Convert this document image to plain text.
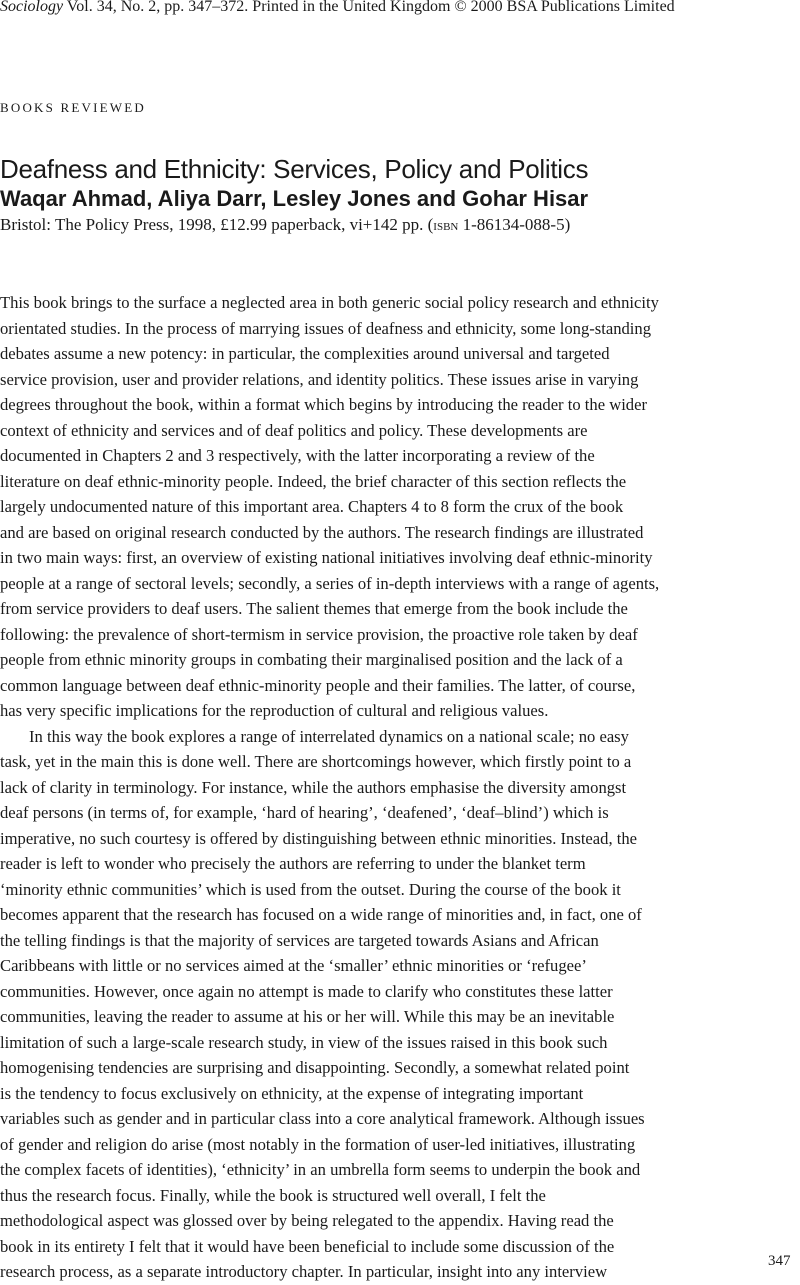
Sociology Vol. 34, No. 2, pp. 347–372. Printed in the United Kingdom © 2000 BSA Publications Limited
BOOKS REVIEWED
Deafness and Ethnicity: Services, Policy and Politics
Waqar Ahmad, Aliya Darr, Lesley Jones and Gohar Hisar
Bristol: The Policy Press, 1998, £12.99 paperback, vi+142 pp. (isbn 1-86134-088-5)
This book brings to the surface a neglected area in both generic social policy research and ethnicity
orientated studies. In the process of marrying issues of deafness and ethnicity, some long-standing
debates assume a new potency: in particular, the complexities around universal and targeted
service provision, user and provider relations, and identity politics. These issues arise in varying
degrees throughout the book, within a format which begins by introducing the reader to the wider
context of ethnicity and services and of deaf politics and policy. These developments are
documented in Chapters 2 and 3 respectively, with the latter incorporating a review of the
literature on deaf ethnic-minority people. Indeed, the brief character of this section reflects the
largely undocumented nature of this important area. Chapters 4 to 8 form the crux of the book
and are based on original research conducted by the authors. The research findings are illustrated
in two main ways: first, an overview of existing national initiatives involving deaf ethnic-minority
people at a range of sectoral levels; secondly, a series of in-depth interviews with a range of agents,
from service providers to deaf users. The salient themes that emerge from the book include the
following: the prevalence of short-termism in service provision, the proactive role taken by deaf
people from ethnic minority groups in combating their marginalised position and the lack of a
common language between deaf ethnic-minority people and their families. The latter, of course,
has very specific implications for the reproduction of cultural and religious values.
In this way the book explores a range of interrelated dynamics on a national scale; no easy
task, yet in the main this is done well. There are shortcomings however, which firstly point to a
lack of clarity in terminology. For instance, while the authors emphasise the diversity amongst
deaf persons (in terms of, for example, ‘hard of hearing’, ‘deafened’, ‘deaf–blind’) which is
imperative, no such courtesy is offered by distinguishing between ethnic minorities. Instead, the
reader is left to wonder who precisely the authors are referring to under the blanket term
‘minority ethnic communities’ which is used from the outset. During the course of the book it
becomes apparent that the research has focused on a wide range of minorities and, in fact, one of
the telling findings is that the majority of services are targeted towards Asians and African
Caribbeans with little or no services aimed at the ‘smaller’ ethnic minorities or ‘refugee’
communities. However, once again no attempt is made to clarify who constitutes these latter
communities, leaving the reader to assume at his or her will. While this may be an inevitable
limitation of such a large-scale research study, in view of the issues raised in this book such
homogenising tendencies are surprising and disappointing. Secondly, a somewhat related point
is the tendency to focus exclusively on ethnicity, at the expense of integrating important
variables such as gender and in particular class into a core analytical framework. Although issues
of gender and religion do arise (most notably in the formation of user-led initiatives, illustrating
the complex facets of identities), ‘ethnicity’ in an umbrella form seems to underpin the book and
thus the research focus. Finally, while the book is structured well overall, I felt the
methodological aspect was glossed over by being relegated to the appendix. Having read the
book in its entirety I felt that it would have been beneficial to include some discussion of the
research process, as a separate introductory chapter. In particular, insight into any interview
347
